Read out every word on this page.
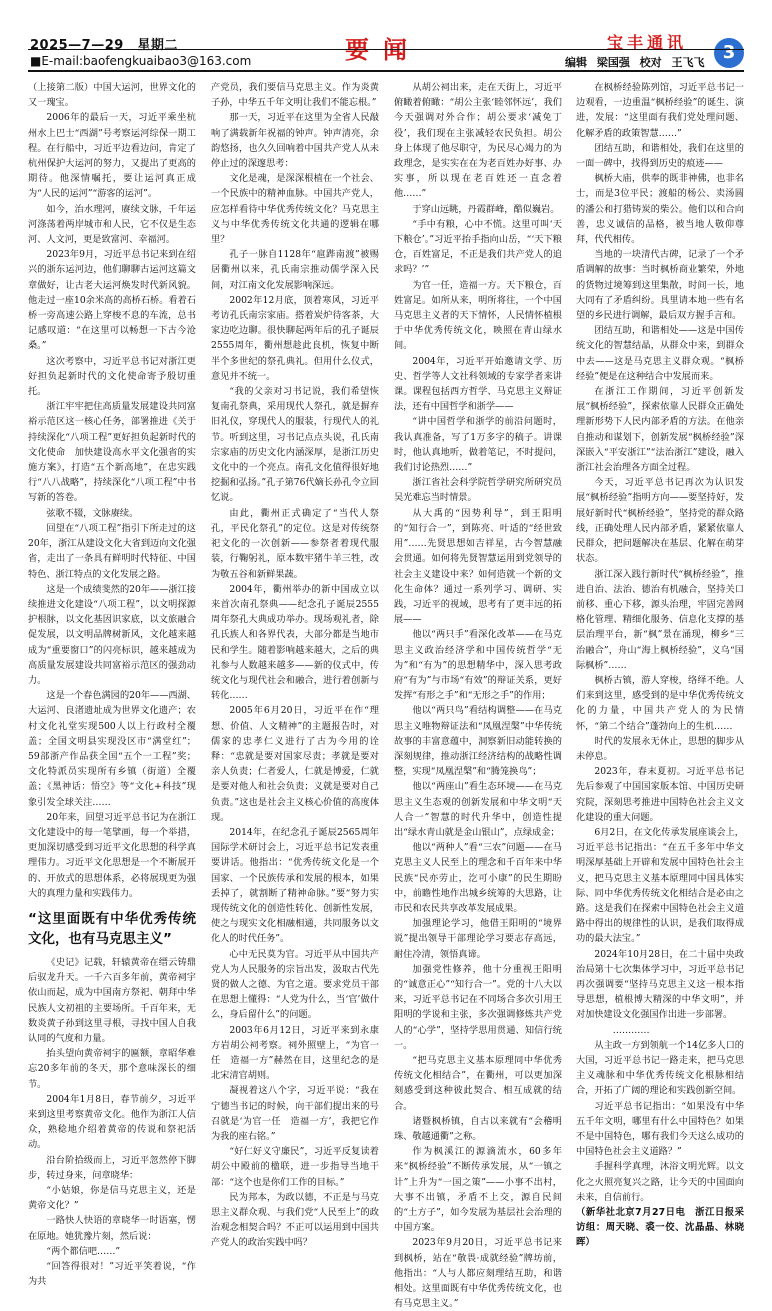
2025—7—29　星期二
■E-mail:baofengkuaibao3@163.com	要闻	宝丰通讯
编辑 梁国强 校对 王飞飞	3

（上接第二版）中国大运河，世界文化的又一瑰宝。

2006年的最后一天，习近平乘坐杭州水上巴士“西湖”号考察运河综保一期工程。在行船中，习近平边看边问，肯定了杭州保护大运河的努力，又提出了更高的期待。他深情嘱托，要让运河真正成为“人民的运河”“游客的运河”。

如今，治水理河，赓续文脉，千年运河涤荡着两岸城市和人民，它不仅是生态河、人文河，更是致富河、幸福河。

2023年9月，习近平总书记来到在绍兴的浙东运河边，他们聊聊古运河这篇文章做好，让古老大运河焕发时代新风貌。他走过一座10余米高的高桥石桥。看着石桥一旁高速公路上穿梭不息的车流，总书记感叹道：“在这里可以畅想一下古今沧桑。”

这次考察中，习近平总书记对浙江更好担负起新时代的文化使命寄予殷切重托。

浙江牢牢把住高质量发展建设共同富裕示范区这一核心任务，部署推进《关于持续深化“八项工程”更好担负起新时代的文化使命　加快建设高水平文化强省的实施方案》，打造“五个新高地”，在忠实践行“八八战略”，持续深化“八项工程”中书写新的答卷。

弦歌不辍，文脉赓续。

回望在“八项工程”指引下所走过的这20年，浙江从建设文化大省到迈向文化强省，走出了一条具有鲜明时代特征、中国特色、浙江特点的文化发展之路。

这是一个成绩斐然的20年——浙江接续推进文化建设“八项工程”，以文明探源护根脉，以文化基因识家底，以文旅融合促发展，以文明品牌树新风，文化越来越成为“重要窗口”的闪亮标识，越来越成为高质量发展建设共同富裕示范区的强劲动力。

这是一个春色满园的20年——西湖、大运河、良渚遗址成为世界文化遗产；农村文化礼堂实现500人以上行政村全覆盖；全国文明县实现没区市“满堂红”；59部浙产作品获全国“五个一工程”奖；文化特派员实现所有乡镇（街道）全覆盖；《黑神话：悟空》等“文化+科技”现象引发全球关注……

20年来，回望习近平总书记为在浙江文化建设中的每一笔擘画，每一个举措，更加深切感受到习近平文化思想的科学真理伟力。习近平文化思想是一个不断展开的、开放式的思想体系，必将展现更为强大的真理力量和实践伟力。

“这里面既有中华优秀传统文化，也有马克思主义”

《史记》记载，轩辕黄帝在缙云铸鼎后驭龙升天。一千六百多年前，黄帝祠宇依山而起，成为中国南方祭祀、朝拜中华民族人文初祖的主要场所。千百年来，无数炎黄子孙到这里寻根，寻找中国人自我认同的气度和力量。

抬头望向黄帝祠宇的匾额，章昭华难忘20多年前的冬天，那个意味深长的细节。

2004年1月8日，春节前夕，习近平来到这里考察黄帝文化。他作为浙江人信众，熟稔地介绍着黄帝的传说和祭祀活动。

沿台阶拾级而上，习近平忽然停下脚步，转过身来，问章晓华：

“小姑娘，你是信马克思主义，还是黄帝文化？”

一路快人快语的章晓华一时语塞，愣在原地。她犹豫片刻，然后说：

“两个都信吧……”

“回答得很对！”习近平笑着说，“作为共

产党员，我们要信马克思主义。作为炎黄子孙，中华五千年文明让我们不能忘根。”

那一天，习近平在这里为全省人民敲响了满载新年祝福的钟声。钟声清亮，余韵悠扬，也久久回响着中国共产党人从未停止过的深邃思考：

文化是魂，是深深根植在一个社会、一个民族中的精神血脉。中国共产党人，应怎样看待中华优秀传统文化？马克思主义与中华优秀传统文化共通的逻辑在哪里？

孔子一脉自1128年“扈跸南渡”被赐居衢州以来，孔氏南宗推动儒学深入民间，对江南文化发展影响深远。

2002年12月底，顶着寒风，习近平考访孔氏南宗家庙。搭着炭炉待客茶，大家边吃边聊。很快聊起两年后的孔子诞辰2555周年，衢州想趁此良机，恢复中断半个多世纪的祭孔典礼。但用什么仪式，意见并不统一。

“我的父亲对习书记说，我们希望恢复南孔祭典，采用现代人祭孔，就是摒弃旧礼仪，穿现代人的服装，行现代人的礼节。听到这里，习书记点点头说，孔氏南宗家庙的历史文化内涵深厚，是浙江历史文化中的一个亮点。南孔文化值得很好地挖掘和弘扬。”孔子第76代嫡长孙孔令立回忆说。

由此，衢州正式确定了“当代人祭孔，平民化祭孔”的定位。这是对传统祭祀文化的一次创新——参祭者着现代服装，行鞠躬礼，原本数牢猪牛羊三牲，改为敬五谷和新鲜果蔬。

2004年，衢州举办的新中国成立以来首次南孔祭典——纪念孔子诞辰2555周年祭孔大典成功举办。现场观礼者，除孔氏族人和各界代表，大部分都是当地市民和学生。随着影响越来越大，之后的典礼参与人数越来越多——新的仪式中，传统文化与现代社会和融合，进行着创新与转化……

2005年6月20日，习近平在作“理想、价值、人文精神”的主题报告时，对儒家的忠孝仁义进行了古为今用的诠释：“忠就是要对国家尽责；孝就是要对亲人负责；仁者爱人，仁就是博爱，仁就是要对他人和社会负责；义就是要对自己负责。”这也是社会主义核心价值的高度体现。

2014年，在纪念孔子诞辰2565周年国际学术研讨会上，习近平总书记发表重要讲话。他指出：“优秀传统文化是一个国家、一个民族传承和发展的根本，如果丢掉了，就割断了精神命脉。”要“努力实现传统文化的创造性转化、创新性发展，使之与现实文化相融相通，共同服务以文化人的时代任务”。

心中无民莫为官。习近平从中国共产党人为人民服务的宗旨出发，汲取古代先贤的做人之德、为官之道。要求党员干部在思想上懂得：“人党为什么，当‘官’做什么，身后留什么”的问题。

2003年6月12日，习近平来到永康方岩胡公祠考察。祠外照壁上，“为官一任　造福一方”赫然在目，这里纪念的是北宋清官胡则。

凝视着这八个字，习近平说：“我在宁德当书记的时候，向干部们提出来的号召就是‘为官一任　造福一方’，我把它作为我的座右铭。”

“好仁好义守廉民”，习近平反复读着胡公中殿前的楹联，进一步指导当地干部：“这个也是你们工作的目标。”

民为邦本，为政以德，不正是与马克思主义群众观、与我们党“人民至上”的政治观念相契合吗？不正可以运用到中国共产党人的政治实践中吗？

从胡公祠出来，走在天街上，习近平俯瞰着俯瞰：“胡公主张‘睦邻怀远’，我们今天强调对外合作；胡公要求‘减免丁役’，我们现在主张减轻农民负担。胡公身上体现了他尽职守，为民尽心竭力的为政理念，是实实在在为老百姓办好事、办实事，所以现在老百姓还一直念着他……”

于穿山远眺，丹霞群峰，酷似巍岩。

“手中有粮，心中不慌。这里可叫‘天下粮仓’。”习近平抬手指向山岳，“‘天下粮仓，百姓富足，不正是我们共产党人的追求吗？’”

为官一任，造福一方。天下粮仓，百姓富足。如所从来，明所将往，一个中国马克思主义者的天下情怀，人民情怀植根于中华优秀传统文化，映照在青山绿水间。

2004年，习近平开始邀请文学、历史、哲学等人文社科领域的专家学者来讲课。课程包括西方哲学、马克思主义辩证法，还有中国哲学和浙学——

“讲中国哲学和浙学的前沿问题时，我认真准备，写了1万多字的稿子。讲课时，他认真地听，做着笔记，不时提问，我们讨论热烈……”

浙江省社会科学院哲学研究所研究员吴光难忘当时情景。

从大禹的“因势利导”，到王阳明的“知行合一”，到陈亮、叶适的“经世致用”……先贤思想如吉祥星，古今智慧融会贯通。如何将先贤智慧运用到党领导的社会主义建设中来？如何造就一个新的文化生命体？通过一系列学习、调研、实践，习近平的视域，思考有了更丰远的拓展——

他以“两只手”看深化改革——在马克思主义政治经济学和中国传统哲学“无为”和“有为”的思想精华中，深入思考政府“有为”与市场“有效”的辩证关系，更好发挥“有形之手”和“无形之手”的作用；

他以“两只鸟”看结构调整——在马克思主义唯物辩证法和“凤凰涅槃”中华传统故事的丰富意蕴中，洞察新旧动能转换的深刻规律，推动浙江经济结构的战略性调整，实现“凤凰涅槃”和“腾笼换鸟”；

他以“两座山”看生态环境——在马克思主义生态观的创新发展和中华文明“天人合一”智慧的时代升华中，创造性提出“绿水青山就是金山银山”，点绿成金；

他以“两种人”看“三农”问题——在马克思主义人民至上的理念和千百年来中华民族“民亦劳止，汔可小康”的民生期盼中，前瞻性地作出城乡统筹的大思路，让市民和农民共享改革发展成果。

加强理论学习，他借王阳明的“境界说”提出领导干部理论学习要志存高远，耐住冷清，领悟真谛。

加强党性修养，他十分重视王阳明的“诚意正心”“知行合一”。党的十八大以来，习近平总书记在不同场合多次引用王阳明的学说和主张，多次强调修炼共产党人的“心学”，坚持学思用贯通、知信行统一。

“把马克思主义基本原理同中华优秀传统文化相结合”，在衢州，可以更加深刻感受到这种彼此契合、相互成就的结合。

诸暨枫桥镇，自古以来就有“会稽明珠、敬越通衢”之称。

作为枫溪江的源滴流水，60多年来“枫桥经验”不断传承发展，从“一镇之计”上升为“一国之策”——小事不出村，大事不出镇，矛盾不上交，源自民间的“土方子”，如今发展为基层社会治理的中国方案。

2023年9月20日，习近平总书记来到枫桥，站在“敬畏·成就经验”牌坊前，他指出：“人与人都应刻理结互助，和谐相处。这里面既有中华优秀传统文化，也有马克思主义。”

在枫桥经验陈列馆，习近平总书记一边观看，一边重温“枫桥经验”的诞生、演进，发展：“这里面有我们党处理问题、化解矛盾的政策智慧……”

团结互助，和谐相处，我们在这里的一面一碑中，找得到历史的痕迹——

枫桥大庙，供奉的既非神佛，也非名士，而是3位平民；渡船的杨公、卖汤圆的潘公和打猎铸炭的柴公。他们以和合向善，忠义诚信的品格，被当地人敬仰尊拜，代代相传。

当地的一块清代古碑，记录了一个矛盾调解的故事：当时枫桥商业繁荣，外地的货物过境筹到这里集散，时间一长，地大同有了矛盾纠纷。具里请本地一些有名望的乡民进行调解，最后双方握手言和。

团结互助，和谐相处——这是中国传统文化的智慧结晶，从群众中来，到群众中去——这是马克思主义群众观。“枫桥经验”便是在这种结合中发展而来。

在浙江工作期间，习近平创新发展“枫桥经验”，探索依靠人民群众正确处理新形势下人民内部矛盾的方法。在他亲自推动和谋划下，创新发展“枫桥经验”深深嵌入“平安浙江”“法治浙江”建设，融入浙江社会治理各方面全过程。

今天，习近平总书记再次为认识发展“枫桥经验”指明方向——要坚持好，发展好新时代“枫桥经验”，坚持党的群众路线，正确处理人民内部矛盾，紧紧依靠人民群众，把问题解决在基层、化解在萌芽状态。

浙江深入践行新时代“枫桥经验”，推进自治、法治、德治有机融合，坚持关口前移、重心下移，源头治理，牢固完善网格化管理、精细化服务、信息化支撑的基层治理平台，新“枫”景在涌现，柳乡“三治融合”，舟山“海上枫桥经验”，义乌“国际枫桥”……

枫桥古镇，游人穿梭，络绎不绝。人们来到这里，感受到的是中华优秀传统文化的力量，中国共产党人的为民情怀，“第二个结合”蓬勃向上的生机……

时代的发展永无休止，思想的脚步从未停息。

2023年，春末夏初。习近平总书记先后参观了中国国家版本馆、中国历史研究院，深刻思考推进中国特色社会主义文化建设的重大问题。

6月2日，在文化传承发展座谈会上，习近平总书记指出：“在五千多年中华文明深厚基础上开辟和发展中国特色社会主义，把马克思主义基本原理同中国具体实际、同中华优秀传统文化相结合是必由之路。这是我们在探索中国特色社会主义道路中得出的规律性的认识，是我们取得成功的最大法宝。”

2024年10月28日，在二十届中央政治局第十七次集体学习中，习近平总书记再次强调要“坚持马克思主义这一根本指导思想，植根博大精深的中华文明”，并对加快建设文化强国作出进一步部署。

…………

从主政一方到领航一个14亿多人口的大国，习近平总书记一路走来，把马克思主义魂脉和中华优秀传统文化根脉相结合，开拓了广阔的理论和实践创新空间。

习近平总书记指出：“如果没有中华五千年文明，哪里有什么中国特色？如果不是中国特色，哪有我们今天这么成功的中国特色社会主义道路？”

手握科学真理，沐浴文明光辉。以文化之火照亮复兴之路，让今天的中国面向未来，自信前行。

（新华社北京7月27日电　浙江日报采访组：周天晓、裘一佼、沈晶晶、林晓晖）
